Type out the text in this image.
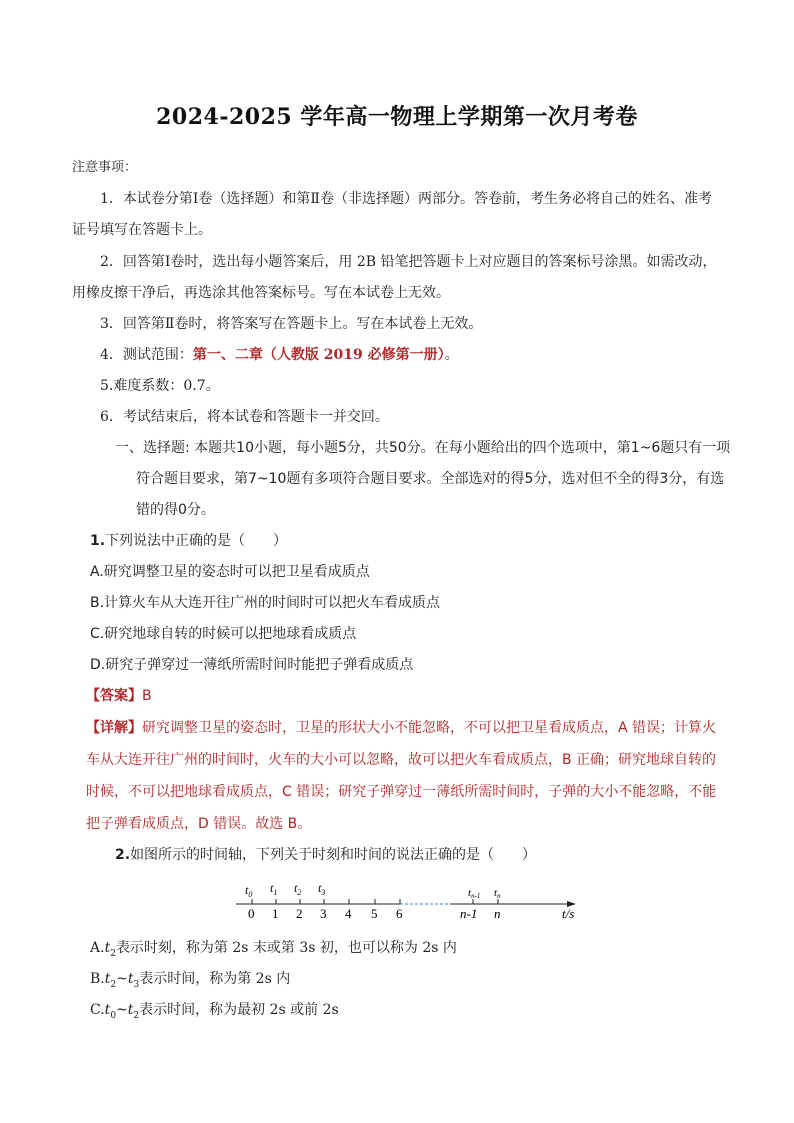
2024-2025 学年高一物理上学期第一次月考卷
注意事项：
1．本试卷分第Ⅰ卷（选择题）和第Ⅱ卷（非选择题）两部分。答卷前，考生务必将自己的姓名、准考
证号填写在答题卡上。
2．回答第Ⅰ卷时，选出每小题答案后，用 2B 铅笔把答题卡上对应题目的答案标号涂黑。如需改动，
用橡皮擦干净后，再选涂其他答案标号。写在本试卷上无效。
3．回答第Ⅱ卷时，将答案写在答题卡上。写在本试卷上无效。
4．测试范围：第一、二章（人教版 2019 必修第一册）。
5.难度系数：0.7。
6．考试结束后，将本试卷和答题卡一并交回。
一、选择题: 本题共10小题，每小题5分，共50分。在每小题给出的四个选项中，第1~6题只有一项
符合题目要求，第7~10题有多项符合题目要求。全部选对的得5分，选对但不全的得3分，有选
错的得0分。
1.下列说法中正确的是（　　）
A.研究调整卫星的姿态时可以把卫星看成质点
B.计算火车从大连开往广州的时间时可以把火车看成质点
C.研究地球自转的时候可以把地球看成质点
D.研究子弹穿过一薄纸所需时间时能把子弹看成质点
【答案】B
【详解】研究调整卫星的姿态时，卫星的形状大小不能忽略，不可以把卫星看成质点，A 错误；计算火
车从大连开往广州的时间时，火车的大小可以忽略，故可以把火车看成质点，B 正确；研究地球自转的
时候，不可以把地球看成质点，C 错误；研究子弹穿过一薄纸所需时间时，子弹的大小不能忽略，不能
把子弹看成质点，D 错误。故选 B。
2.如图所示的时间轴，下列关于时刻和时间的说法正确的是（　　）
$t_0$ $t_1$ $t_2$ $t_3$	tn-1 tn
0 1 2 3 4 5 6	n-1 n	t/s
$A.t_2$表示时刻，称为第 2s 末或第 3s 初，也可以称为 2s 内
$B.t_2\sim t_3$表示时间，称为第 2s 内
$C.t_0\sim t_2$表示时间，称为最初 2s 或前 2s
